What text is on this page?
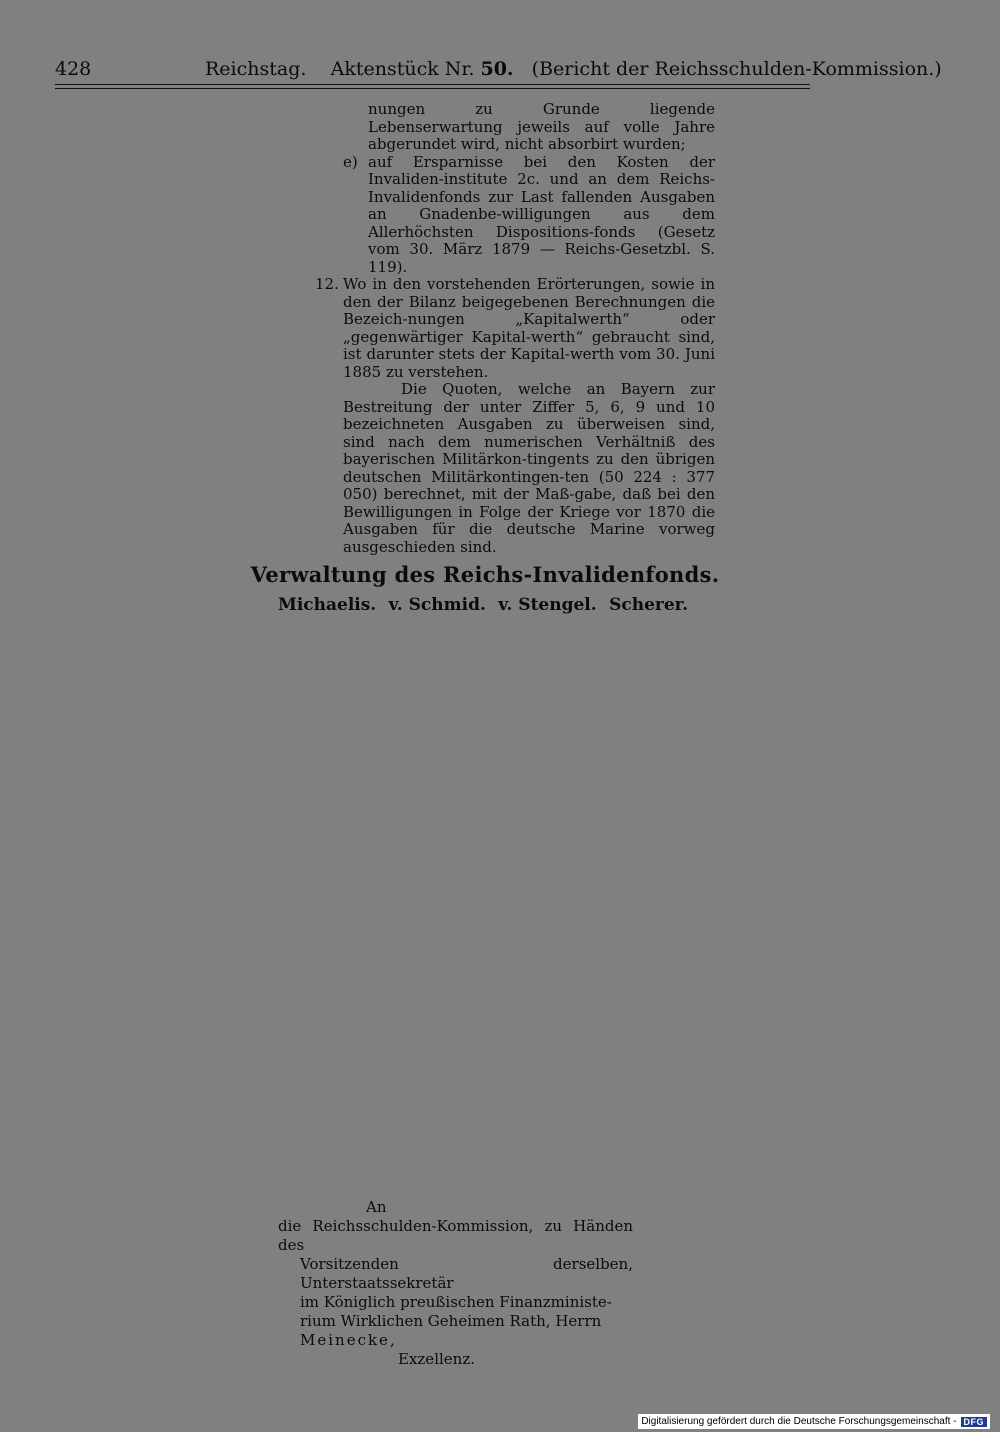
428	Reichstag. Aktenstück Nr. 50. (Bericht der Reichsschulden-Kommission.)

nungen zu Grunde liegende Lebenserwartung jeweils auf volle Jahre abgerundet wird, nicht absorbirt wurden;

e) auf Ersparnisse bei den Kosten der Invaliden-institute 2c. und an dem Reichs-Invalidenfonds zur Last fallenden Ausgaben an Gnadenbe-willigungen aus dem Allerhöchsten Dispositions-fonds (Gesetz vom 30. März 1879 — Reichs-Gesetzbl. S. 119).

12. Wo in den vorstehenden Erörterungen, sowie in den der Bilanz beigegebenen Berechnungen die Bezeich-nungen „Kapitalwerth“ oder „gegenwärtiger Kapital-werth“ gebraucht sind, ist darunter stets der Kapital-werth vom 30. Juni 1885 zu verstehen.

Die Quoten, welche an Bayern zur Bestreitung der unter Ziffer 5, 6, 9 und 10 bezeichneten Ausgaben zu überweisen sind, sind nach dem numerischen Verhältniß des bayerischen Militärkon-tingents zu den übrigen deutschen Militärkontingen-ten (50 224 : 377 050) berechnet, mit der Maß-gabe, daß bei den Bewilligungen in Folge der Kriege vor 1870 die Ausgaben für die deutsche Marine vorweg ausgeschieden sind.

Verwaltung des Reichs-Invalidenfonds.
Michaelis. v. Schmid. v. Stengel. Scherer.
An
die Reichsschulden-Kommission, zu Händen des
Vorsitzenden derselben, Unterstaatssekretär
im Königlich preußischen Finanzministe-
rium Wirklichen Geheimen Rath, Herrn
Meinecke,
Exzellenz.
Digitalisierung gefördert durch die Deutsche Forschungsgemeinschaft - DFG
